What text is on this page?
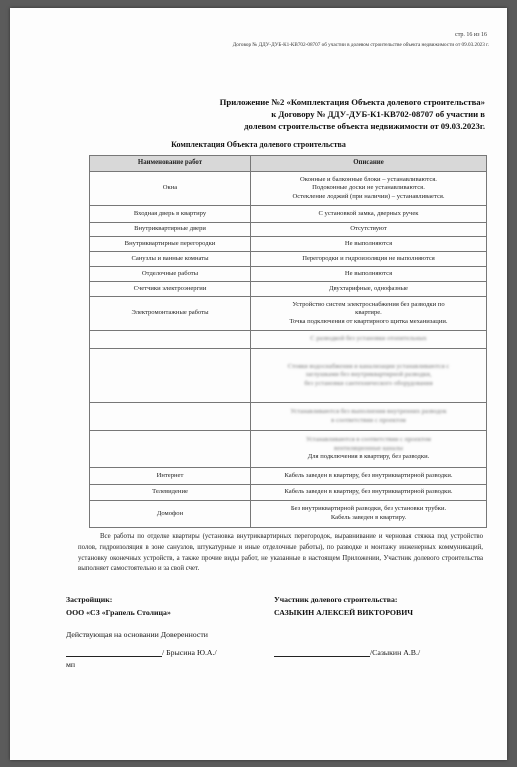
стр. 16 из 16
Договор № ДДУ-ДУБ-К1-КВ702-08707 об участии в долевом строительстве объекта недвижимости от 09.03.2023 г.
Приложение №2 «Комплектация Объекта долевого строительства»
к Договору № ДДУ-ДУБ-К1-КВ702-08707 об участии в
долевом строительстве объекта недвижимости от 09.03.2023г.
Комплектация Объекта долевого строительства
Наименование работ	Описание
Окна	Оконные и балконные блоки – устанавливаются.
Подоконные доски не устанавливаются.
Остекление лоджий (при наличии) – устанавливается.

Входная дверь в квартиру	С установкой замка, дверных ручек
Внутриквартирные двери	Отсутствуют
Внутриквартирные перегородки	Не выполняются
Санузлы и ванные комнаты	Перегородки и гидроизоляция не выполняются
Отделочные работы	Не выполняются
Счетчики электроэнергии	Двухтарифные, однофазные
Электромонтажные работы	Устройство систем электроснабжения без разводки по
квартире.
Точка подключения от квартирного щитка механизации.

	С разводкой без установки отопительных

	Стояки водоснабжения и канализации устанавливаются с
заглушками без внутриквартирной разводки,
без установки сантехнического оборудования

	Устанавливаются без выполнения внутренних разводок
в соответствии с проектом

	Устанавливаются в соответствии с проектом
вентиляционные каналы
Для подключения в квартиру, без разводки.

Интернет	Кабель заведен в квартиру, без внутриквартирной разводки.
Телевидение	Кабель заведен в квартиру, без внутриквартирной разводки.
Домофон	Без внутриквартирной разводки, без установки трубки.
Кабель заведен в квартиру.
Все работы по отделке квартиры (установка внутриквартирных перегородок, выравнивание и черновая стяжка под устройство полов, гидроизоляция в зоне санузлов, штукатурные и иные отделочные работы), по разводке и монтажу инженерных коммуникаций, установку оконечных устройств, а также прочие виды работ, не указанные в настоящем Приложении, Участник долевого строительства выполняет самостоятельно и за свой счет.
Застройщик:
ООО «СЗ «Грапель Столица»
Участник долевого строительства:
САЗЫКИН АЛЕКСЕЙ ВИКТОРОВИЧ
Действующая на основании Доверенности
/ Брысина Ю.А./	/Сазыкин А.В./
мп
